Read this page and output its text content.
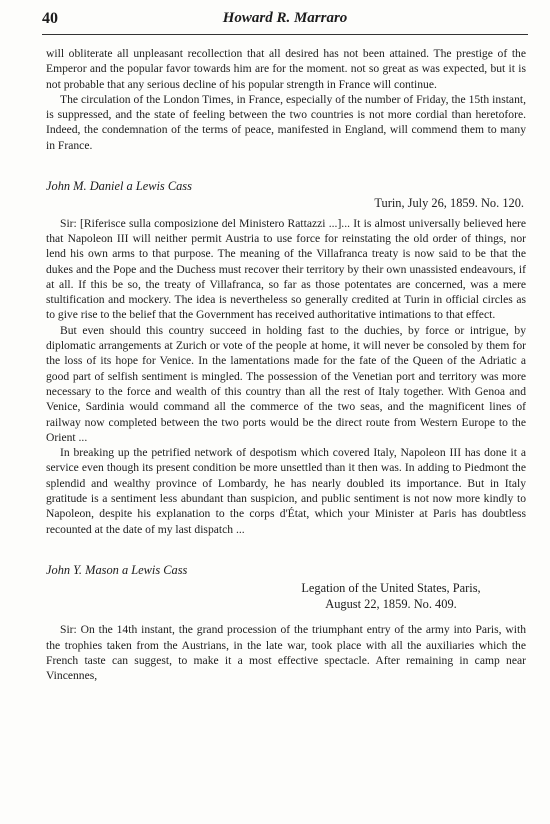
40	Howard R. Marraro

will obliterate all unpleasant recollection that all desired has not been attained. The prestige of the Emperor and the popular favor towards him are for the moment. not so great as was expected, but it is not probable that any serious decline of his popular strength in France will continue.

The circulation of the London Times, in France, especially of the number of Friday, the 15th instant, is suppressed, and the state of feeling between the two countries is not more cordial than heretofore. Indeed, the condemnation of the terms of peace, manifested in England, will commend them to many in France.

John M. Daniel a Lewis Cass

Turin, July 26, 1859. No. 120.

Sir: [Riferisce sulla composizione del Ministero Rattazzi ...]... It is almost universally believed here that Napoleon III will neither permit Austria to use force for reinstating the old order of things, nor lend his own arms to that purpose. The meaning of the Villafranca treaty is now said to be that the dukes and the Pope and the Duchess must recover their territory by their own unassisted endeavours, if at all. If this be so, the treaty of Villafranca, so far as those potentates are concerned, was a mere stultification and mockery. The idea is nevertheless so generally credited at Turin in official circles as to give rise to the belief that the Government has received authoritative intimations to that effect.

But even should this country succeed in holding fast to the duchies, by force or intrigue, by diplomatic arrangements at Zurich or vote of the people at home, it will never be consoled by them for the loss of its hope for Venice. In the lamentations made for the fate of the Queen of the Adriatic a good part of selfish sentiment is mingled. The possession of the Venetian port and territory was more necessary to the force and wealth of this country than all the rest of Italy together. With Genoa and Venice, Sardinia would command all the commerce of the two seas, and the magnificent lines of railway now completed between the two ports would be the direct route from Western Europe to the Orient ...

In breaking up the petrified network of despotism which covered Italy, Napoleon III has done it a service even though its present condition be more unsettled than it then was. In adding to Piedmont the splendid and wealthy province of Lombardy, he has nearly doubled its importance. But in Italy gratitude is a sentiment less abundant than suspicion, and public sentiment is not now more kindly to Napoleon, despite his explanation to the corps d'État, which your Minister at Paris has doubtless recounted at the date of my last dispatch ...

John Y. Mason a Lewis Cass

Legation of the United States, Paris,
August 22, 1859. No. 409.

Sir: On the 14th instant, the grand procession of the triumphant entry of the army into Paris, with the trophies taken from the Austrians, in the late war, took place with all the auxiliaries which the French taste can suggest, to make it a most effective spectacle. After remaining in camp near Vincennes,
